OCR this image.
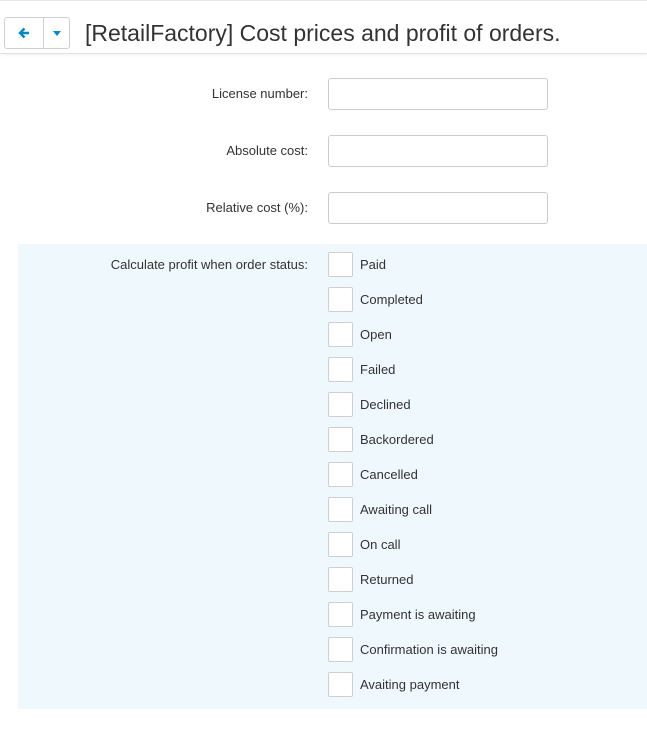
[RetailFactory] Cost prices and profit of orders.
License number:
Absolute cost:
Relative cost (%):
Calculate profit when order status:	Paid
Completed
Open
Failed
Declined
Backordered
Cancelled
Awaiting call
On call
Returned
Payment is awaiting
Confirmation is awaiting
Avaiting payment
